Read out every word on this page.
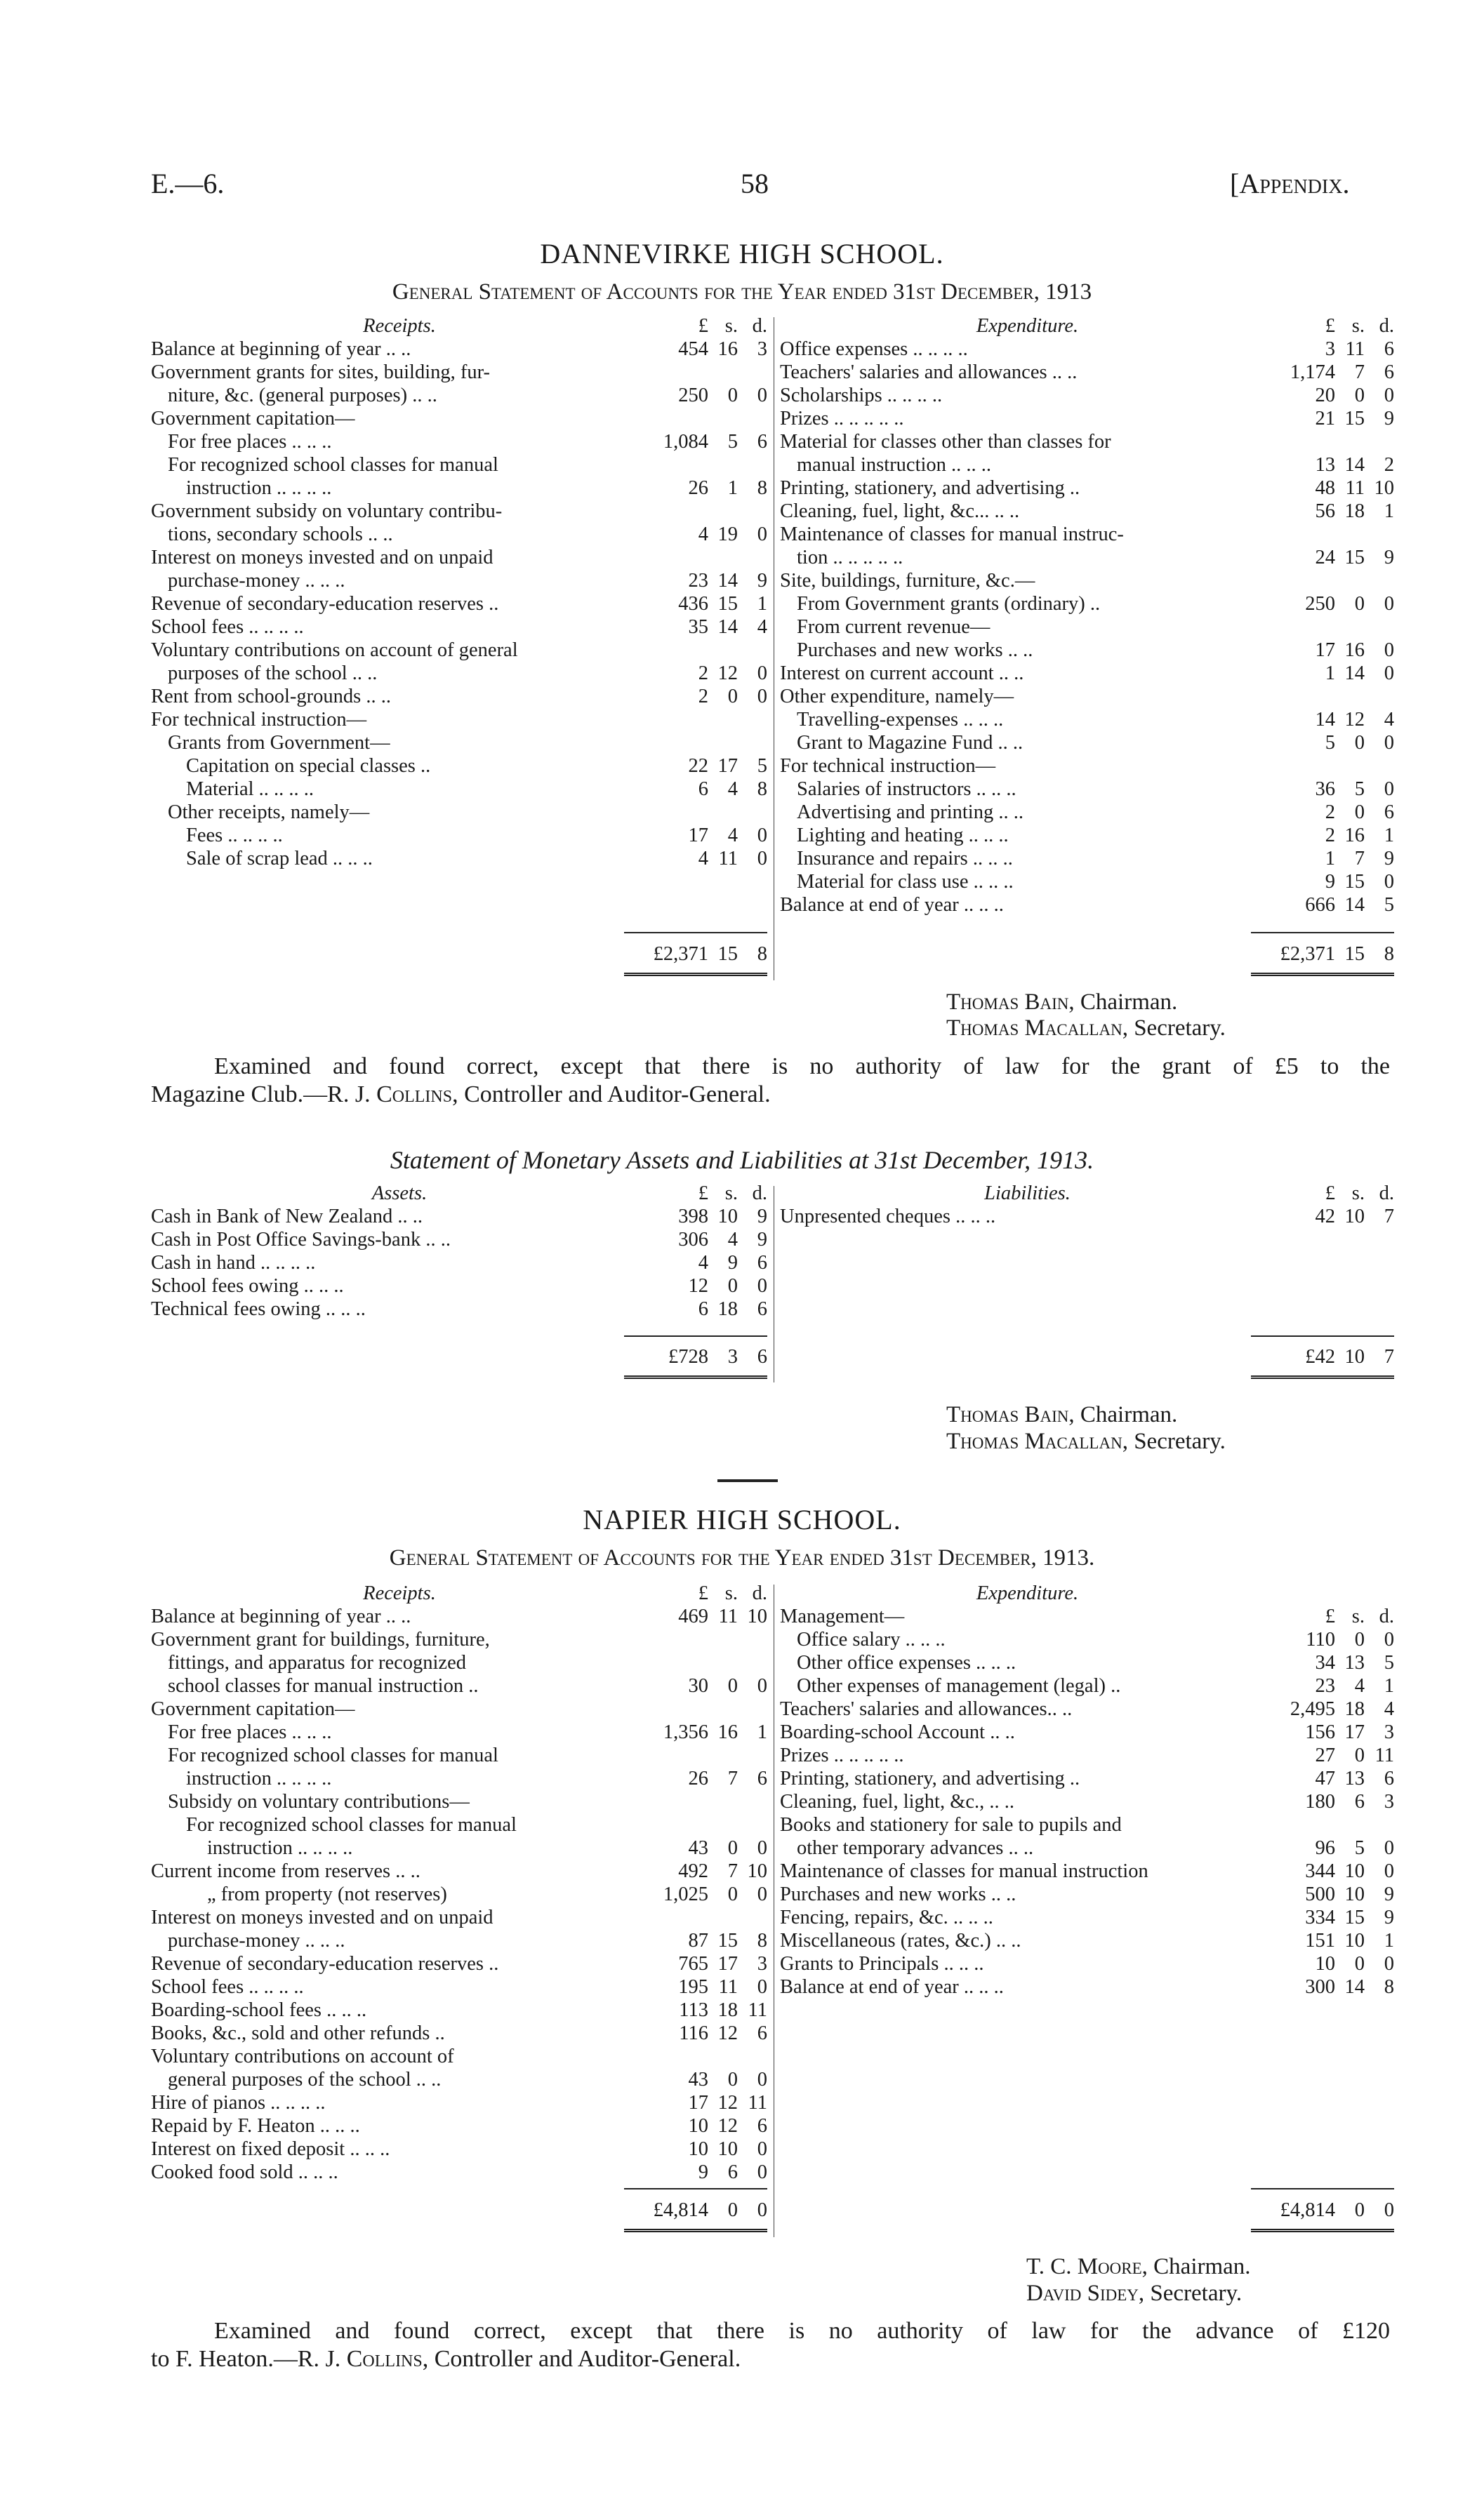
E.—6.	58	[Appendix.
DANNEVIRKE HIGH SCHOOL.
General Statement of Accounts for the Year ended 31st December, 1913
Receipts.	£ s. d.
Balance at beginning of year .. ..	454 16 3
Government grants for sites, building, fur-
niture, &c. (general purposes) .. ..	250 0 0
Government capitation—
For free places .. .. ..	1,084 5 6
For recognized school classes for manual
instruction .. .. .. ..	26 1 8
Government subsidy on voluntary contribu-
tions, secondary schools .. ..	4 19 0
Interest on moneys invested and on unpaid
purchase-money .. .. ..	23 14 9
Revenue of secondary-education reserves ..	436 15 1
School fees .. .. .. ..	35 14 4
Voluntary contributions on account of general
purposes of the school .. ..	2 12 0
Rent from school-grounds .. ..	2 0 0
For technical instruction—
Grants from Government—
Capitation on special classes ..	22 17 5
Material .. .. .. ..	6 4 8
Other receipts, namely—
Fees .. .. .. ..	17 4 0
Sale of scrap lead .. .. ..	4 11 0
Expenditure.	£ s. d.
Office expenses .. .. .. ..	3 11 6
Teachers' salaries and allowances .. ..	1,174 7 6
Scholarships .. .. .. ..	20 0 0
Prizes .. .. .. .. ..	21 15 9
Material for classes other than classes for
manual instruction .. .. ..	13 14 2
Printing, stationery, and advertising ..	48 11 10
Cleaning, fuel, light, &c... .. ..	56 18 1
Maintenance of classes for manual instruc-
tion .. .. .. .. ..	24 15 9
Site, buildings, furniture, &c.—
From Government grants (ordinary) ..	250 0 0
From current revenue—
Purchases and new works .. ..	17 16 0
Interest on current account .. ..	1 14 0
Other expenditure, namely—
Travelling-expenses .. .. ..	14 12 4
Grant to Magazine Fund .. ..	5 0 0
For technical instruction—
Salaries of instructors .. .. ..	36 5 0
Advertising and printing .. ..	2 0 6
Lighting and heating .. .. ..	2 16 1
Insurance and repairs .. .. ..	1 7 9
Material for class use .. .. ..	9 15 0
Balance at end of year .. .. ..	666 14 5
£2,371 15 8	£2,371 15 8
Thomas Bain, Chairman.
Thomas Macallan, Secretary.
Examined and found correct, except that there is no authority of law for the grant of £5 to the
Magazine Club.—R. J. Collins, Controller and Auditor-General.
Statement of Monetary Assets and Liabilities at 31st December, 1913.
Assets.	£ s. d.
Cash in Bank of New Zealand .. ..	398 10 9
Cash in Post Office Savings-bank .. ..	306 4 9
Cash in hand .. .. .. ..	4 9 6
School fees owing .. .. ..	12 0 0
Technical fees owing .. .. ..	6 18 6
Liabilities.	£ s. d.
Unpresented cheques .. .. ..	42 10 7
£728 3 6	£42 10 7
Thomas Bain, Chairman.
Thomas Macallan, Secretary.
NAPIER HIGH SCHOOL.
General Statement of Accounts for the Year ended 31st December, 1913.
Receipts.	£ s. d.
Balance at beginning of year .. ..	469 11 10
Government grant for buildings, furniture,
fittings, and apparatus for recognized
school classes for manual instruction ..	30 0 0
Government capitation—
For free places .. .. ..	1,356 16 1
For recognized school classes for manual
instruction .. .. .. ..	26 7 6
Subsidy on voluntary contributions—
For recognized school classes for manual
instruction .. .. .. ..	43 0 0
Current income from reserves .. ..	492 7 10
„ from property (not reserves)	1,025 0 0
Interest on moneys invested and on unpaid
purchase-money .. .. ..	87 15 8
Revenue of secondary-education reserves ..	765 17 3
School fees .. .. .. ..	195 11 0
Boarding-school fees .. .. ..	113 18 11
Books, &c., sold and other refunds ..	116 12 6
Voluntary contributions on account of
general purposes of the school .. ..	43 0 0
Hire of pianos .. .. .. ..	17 12 11
Repaid by F. Heaton .. .. ..	10 12 6
Interest on fixed deposit .. .. ..	10 10 0
Cooked food sold .. .. ..	9 6 0
Expenditure.
£ s. d.
Management—
Office salary .. .. ..	110 0 0
Other office expenses .. .. ..	34 13 5
Other expenses of management (legal) ..	23 4 1
Teachers' salaries and allowances.. ..	2,495 18 4
Boarding-school Account .. ..	156 17 3
Prizes .. .. .. .. ..	27 0 11
Printing, stationery, and advertising ..	47 13 6
Cleaning, fuel, light, &c., .. ..	180 6 3
Books and stationery for sale to pupils and
other temporary advances .. ..	96 5 0
Maintenance of classes for manual instruction	344 10 0
Purchases and new works .. ..	500 10 9
Fencing, repairs, &c. .. .. ..	334 15 9
Miscellaneous (rates, &c.) .. ..	151 10 1
Grants to Principals .. .. ..	10 0 0
Balance at end of year .. .. ..	300 14 8
£4,814 0 0	£4,814 0 0
T. C. Moore, Chairman.
David Sidey, Secretary.
Examined and found correct, except that there is no authority of law for the advance of £120
to F. Heaton.—R. J. Collins, Controller and Auditor-General.
